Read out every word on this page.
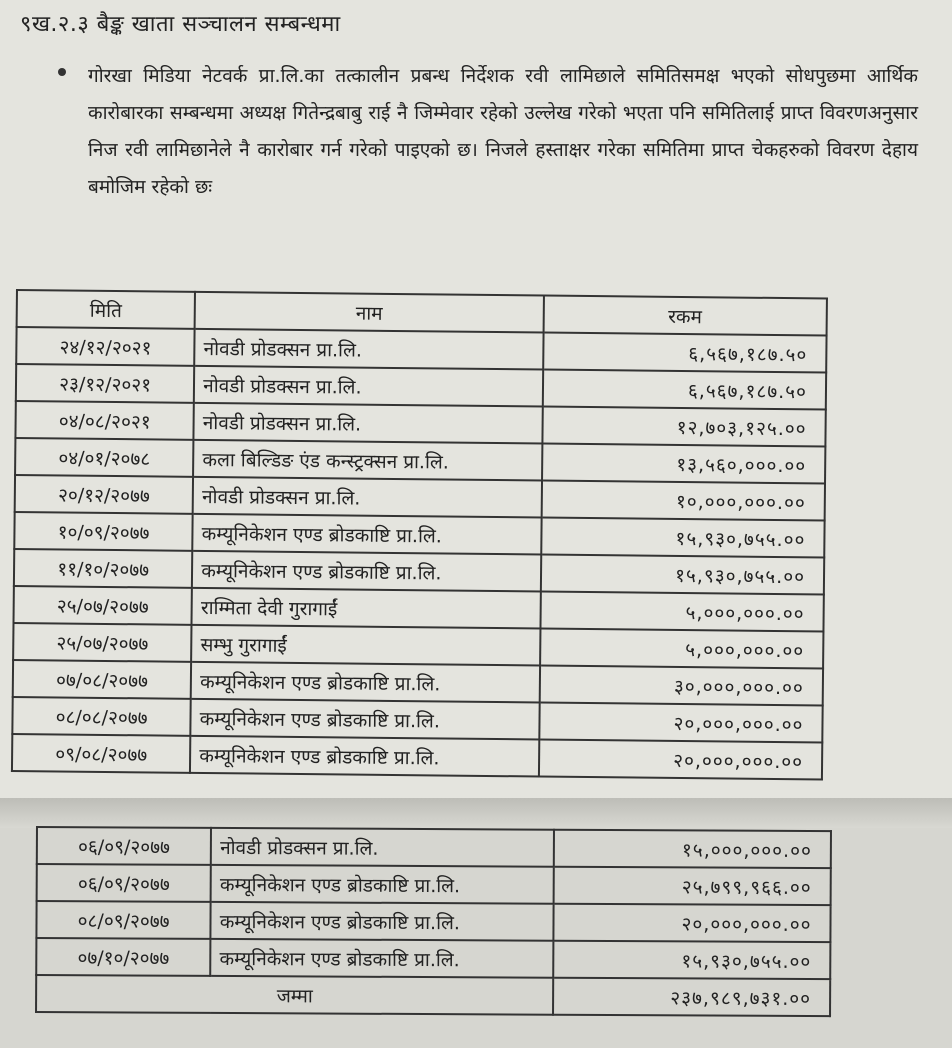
९ख.२.३ बैङ्क खाता सञ्चालन सम्बन्धमा
गोरखा मिडिया नेटवर्क प्रा.लि.का तत्कालीन प्रबन्ध निर्देशक रवी लामिछाले समितिसमक्ष भएको सोधपुछमा आर्थिक कारोबारका सम्बन्धमा अध्यक्ष गितेन्द्रबाबु राई नै जिम्मेवार रहेको उल्लेख गरेको भएता पनि समितिलाई प्राप्त विवरणअनुसार निज रवी लामिछानेले नै कारोबार गर्न गरेको पाइएको छ। निजले हस्ताक्षर गरेका समितिमा प्राप्त चेकहरुको विवरण देहाय बमोजिम रहेको छः
मिति	नाम	रकम
२४/१२/२०२१	नोवडी प्रोडक्सन प्रा.लि.	६,५६७,१८७.५०
२३/१२/२०२१	नोवडी प्रोडक्सन प्रा.लि.	६,५६७,१८७.५०
०४/०८/२०२१	नोवडी प्रोडक्सन प्रा.लि.	१२,७०३,१२५.००
०४/०१/२०७८	कला बिल्डिङ एंड कन्स्ट्रक्सन प्रा.लि.	१३,५६०,०००.००
२०/१२/२०७७	नोवडी प्रोडक्सन प्रा.लि.	१०,०००,०००.००
१०/०९/२०७७	कम्यूनिकेशन एण्ड ब्रोडकाष्टि प्रा.लि.	१५,९३०,७५५.००
११/१०/२०७७	कम्यूनिकेशन एण्ड ब्रोडकाष्टि प्रा.लि.	१५,९३०,७५५.००
२५/०७/२०७७	राम्मिता देवी गुरागाईं	५,०००,०००.००
२५/०७/२०७७	सम्भु गुरागाईं	५,०००,०००.००
०७/०८/२०७७	कम्यूनिकेशन एण्ड ब्रोडकाष्टि प्रा.लि.	३०,०००,०००.००
०८/०८/२०७७	कम्यूनिकेशन एण्ड ब्रोडकाष्टि प्रा.लि.	२०,०००,०००.००
०९/०८/२०७७	कम्यूनिकेशन एण्ड ब्रोडकाष्टि प्रा.लि.	२०,०००,०००.००
०६/०९/२०७७	नोवडी प्रोडक्सन प्रा.लि.	१५,०००,०००.००
०६/०९/२०७७	कम्यूनिकेशन एण्ड ब्रोडकाष्टि प्रा.लि.	२५,७९९,९६६.००
०८/०९/२०७७	कम्यूनिकेशन एण्ड ब्रोडकाष्टि प्रा.लि.	२०,०००,०००.००
०७/१०/२०७७	कम्यूनिकेशन एण्ड ब्रोडकाष्टि प्रा.लि.	१५,९३०,७५५.००
जम्मा		२३७,९८९,७३१.००
